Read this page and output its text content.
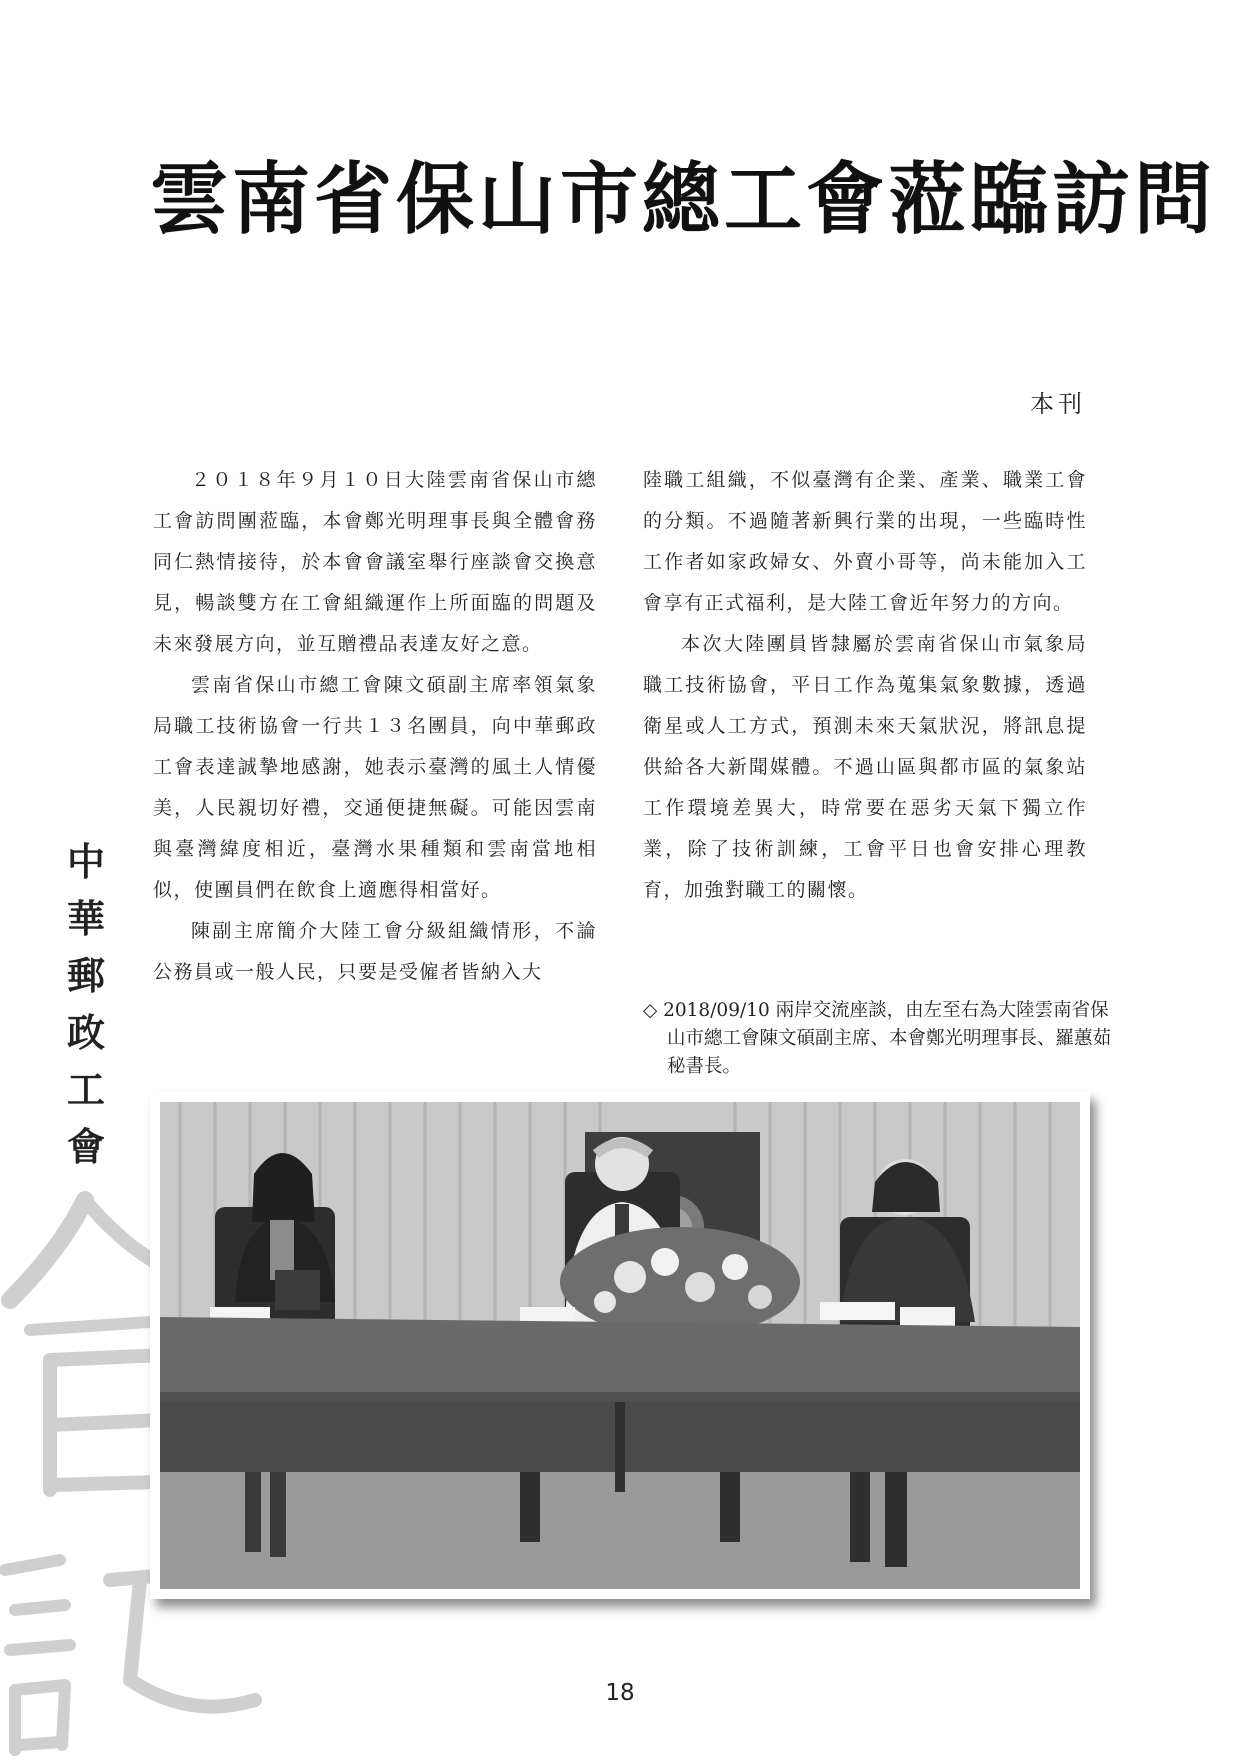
雲南省保山市總工會蒞臨訪問

本刊

２０１８年９月１０日大陸雲南省保山市總工會訪問團蒞臨，本會鄭光明理事長與全體會務同仁熱情接待，於本會會議室舉行座談會交換意見，暢談雙方在工會組織運作上所面臨的問題及未來發展方向，並互贈禮品表達友好之意。

雲南省保山市總工會陳文碩副主席率領氣象局職工技術協會一行共１３名團員，向中華郵政工會表達誠摯地感謝，她表示臺灣的風土人情優美，人民親切好禮，交通便捷無礙。可能因雲南與臺灣緯度相近，臺灣水果種類和雲南當地相似，使團員們在飲食上適應得相當好。

陳副主席簡介大陸工會分級組織情形，不論公務員或一般人民，只要是受僱者皆納入大

陸職工組織，不似臺灣有企業、產業、職業工會的分類。不過隨著新興行業的出現，一些臨時性工作者如家政婦女、外賣小哥等，尚未能加入工會享有正式福利，是大陸工會近年努力的方向。

本次大陸團員皆隸屬於雲南省保山市氣象局職工技術協會，平日工作為蒐集氣象數據，透過衛星或人工方式，預測未來天氣狀況，將訊息提供給各大新聞媒體。不過山區與都市區的氣象站工作環境差異大，時常要在惡劣天氣下獨立作業，除了技術訓練，工會平日也會安排心理教育，加強對職工的關懷。

◇ 2018/09/10 兩岸交流座談，由左至右為大陸雲南省保山市總工會陳文碩副主席、本會鄭光明理事長、羅蕙茹秘書長。
中華郵政工會

18
